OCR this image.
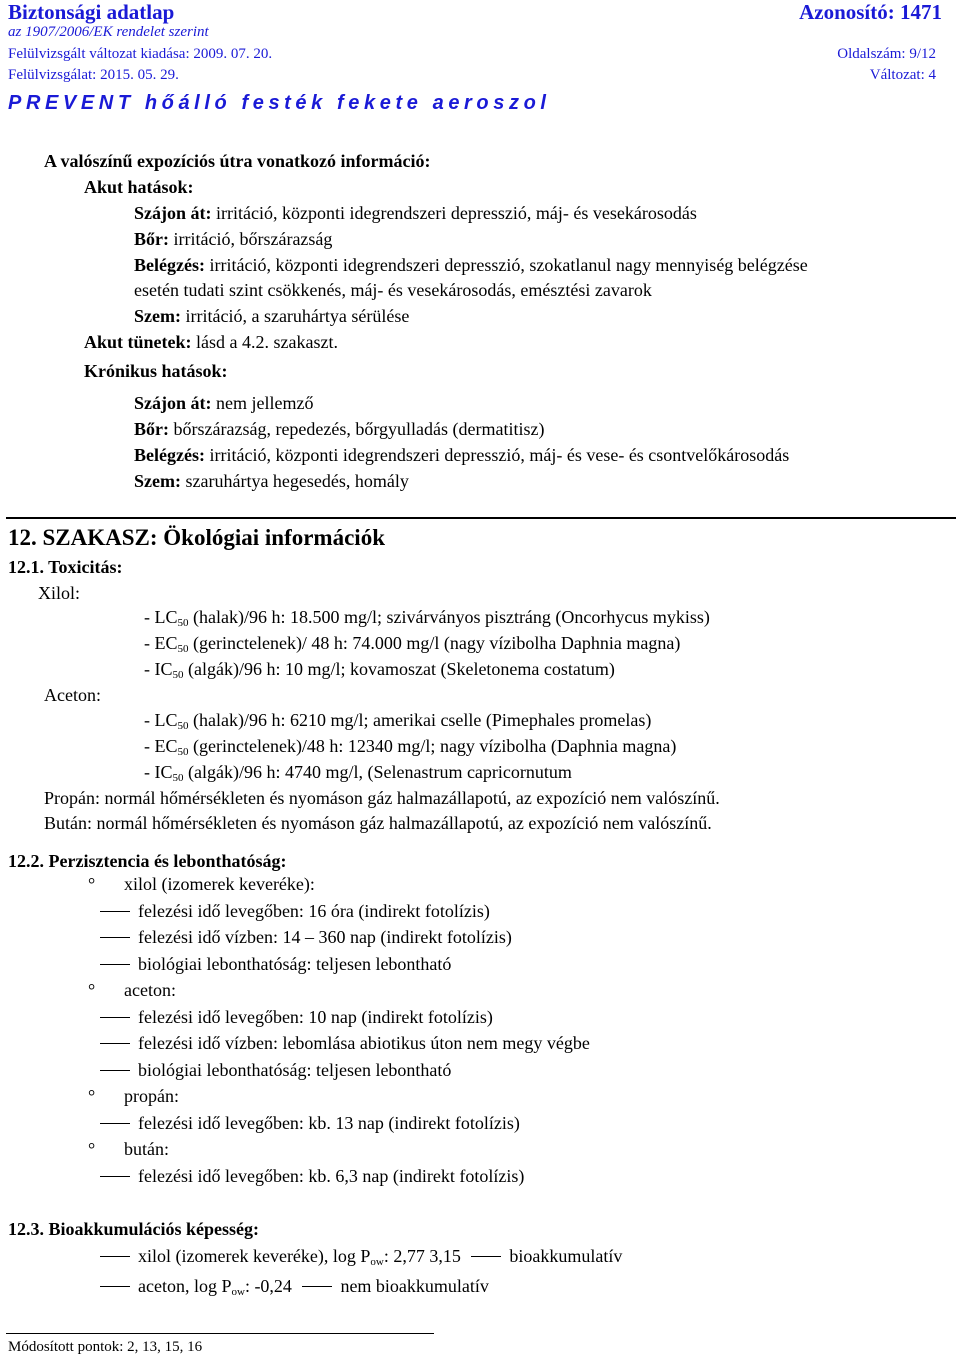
Biztonsági adatlap	Azonosító: 1471
az 1907/2006/EK rendelet szerint
Felülvizsgált változat kiadása: 2009. 07. 20.	Oldalszám: 9/12
Felülvizsgálat: 2015. 05. 29.	Változat: 4
PREVENT hőálló festék fekete aeroszol
A valószínű expozíciós útra vonatkozó információ:
Akut hatások:
Szájon át: irritáció, központi idegrendszeri depresszió, máj- és vesekárosodás
Bőr: irritáció, bőrszárazság
Belégzés: irritáció, központi idegrendszeri depresszió, szokatlanul nagy mennyiség belégzése
esetén tudati szint csökkenés, máj- és vesekárosodás, emésztési zavarok
Szem: irritáció, a szaruhártya sérülése
Akut tünetek: lásd a 4.2. szakaszt.
Krónikus hatások:
Szájon át: nem jellemző
Bőr: bőrszárazság, repedezés, bőrgyulladás (dermatitisz)
Belégzés: irritáció, központi idegrendszeri depresszió, máj- és vese- és csontvelőkárosodás
Szem: szaruhártya hegesedés, homály
12. SZAKASZ: Ökológiai információk
12.1. Toxicitás:
Xilol:
- $LC_{50}$ (halak)/96 h: 18.500 mg/l; szivárványos pisztráng (Oncorhycus mykiss)
- $EC_{50}$ (gerinctelenek)/ 48 h: 74.000 mg/l (nagy vízibolha Daphnia magna)
- $IC_{50}$ (algák)/96 h: 10 mg/l; kovamoszat (Skeletonema costatum)
Aceton:
- $LC_{50}$ (halak)/96 h: 6210 mg/l; amerikai cselle (Pimephales promelas)
- $EC_{50}$ (gerinctelenek)/48 h: 12340 mg/l; nagy vízibolha (Daphnia magna)
- $IC_{50}$ (algák)/96 h: 4740 mg/l, (Selenastrum capricornutum
Propán: normál hőmérsékleten és nyomáson gáz halmazállapotú, az expozíció nem valószínű.
Bután: normál hőmérsékleten és nyomáson gáz halmazállapotú, az expozíció nem valószínű.
12.2. Perzisztencia és lebonthatóság:
° xilol (izomerek keveréke):
felezési idő levegőben: 16 óra (indirekt fotolízis)
felezési idő vízben: 14 – 360 nap (indirekt fotolízis)
biológiai lebonthatóság: teljesen lebontható
° aceton:
felezési idő levegőben: 10 nap (indirekt fotolízis)
felezési idő vízben: lebomlása abiotikus úton nem megy végbe
biológiai lebonthatóság: teljesen lebontható
° propán:
felezési idő levegőben: kb. 13 nap (indirekt fotolízis)
° bután:
felezési idő levegőben: kb. 6,3 nap (indirekt fotolízis)
12.3. Bioakkumulációs képesség:
xilol (izomerek keveréke), $\log P_{ow}$: 2,77 3,15	bioakkumulatív
aceton, $\log P_{ow}$: -0,24	nem bioakkumulatív
Módosított pontok: 2, 13, 15, 16
